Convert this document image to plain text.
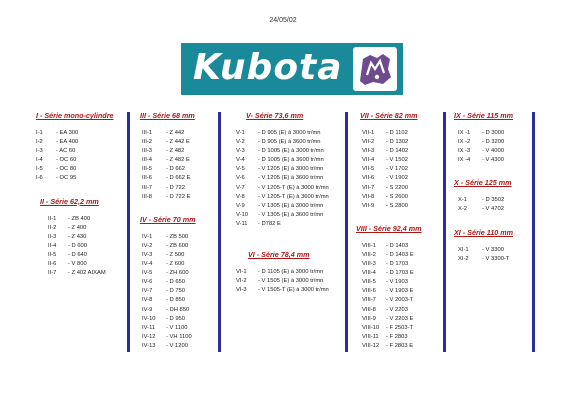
24/05/02
Kubota
I - Série mono-cylindre
I-1 - EA 300
I-2 - EA 400
I-3 - AC 60
I-4 - OC 60
I-5 - OC 80
I-6 - OC 95
II - Série 62,2 mm
II-1 - ZB 400
II-2 - Z 400
II-3 - Z 430
II-4 - D 600
II-5 - D 640
II-6 - V 800
II-7 - Z 402 AIXAM
III - Série 68 mm
III-1 - Z 442
III-2 - Z 442 E
III-3 - Z 482
III-4 - Z 482 E
III-5 - D 662
III-6 - D 662 E
III-7 - D 722
III-8 - D 722 E
IV - Série 70 mm
IV-1 - ZB 500
IV-2 - ZB 600
IV-3 - Z 500
IV-4 - Z 600
IV-5 - ZH 600
IV-6 - D 650
IV-7 - D 750
IV-8 - D 850
IV-9 - DH 850
IV-10 - D 950
IV-11 - V 1100
IV-12 - VH 1100
IV-13 - V 1200
V- Série 73,6 mm
V-1 - D 905 (E) à 3000 tr/mn
V-2 - D 905 (E) à 3600 tr/mn
V-3 - D 1005 (E) à 3000 tr/mn
V-4 - D 1005 (E) à 3600 tr/mn
V-5 - V 1205 (E) à 3000 tr/mn
V-6 - V 1205 (E) à 3600 tr/mn
V-7 - V 1205-T (E) à 3000 tr/mn
V-8 - V 1205-T (E) à 3600 tr/mn
V-9 - V 1305 (E) à 3000 tr/mn
V-10 - V 1305 (E) à 3600 tr/mn
V-11 - D782 E
VI - Série 78,4 mm
VI-1 - D 1105 (E) à 3000 tr/mn
VI-2 - V 1505 (E) à 3000 tr/mn
VI-3 - V 1505-T (E) à 3000 tr/mn
VII - Série 82 mm
VII-1 - D 1102
VII-2 - D 1302
VII-3 - D 1402
VII-4 - V 1502
VII-5 - V 1702
VII-6 - V 1902
VII-7 - S 2200
VII-8 - S 2600
VII-9 - S 2800
VIII - Série 92,4 mm
VIII-1 - D 1403
VIII-2 - D 1403 E
VIII-3 - D 1703
VIII-4 - D 1703 E
VIII-5 - V 1903
VIII-6 - V 1903 E
VIII-7 - V 2003-T
VIII-8 - V 2203
VIII-9 - V 2203 E
VIII-10 - F 2503-T
VIII-11 - F 2803
VIII-12 - F 2803 E
IX - Série 115 mm
IX -1 - D 3000
IX -2 - D 3200
IX -3 - V 4000
IX -4 - V 4300
X - Série 125 mm
X-1	- D 3502
X-2	- V 4702
XI - Série 110 mm
XI-1 - V 3300
XI-2 - V 3300-T
